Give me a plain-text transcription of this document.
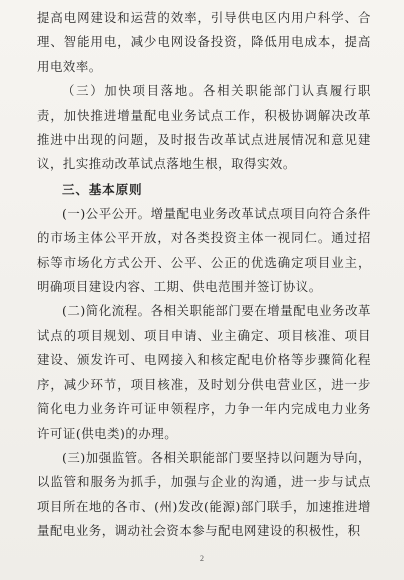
提高电网建设和运营的效率，引导供电区内用户科学、合理、智能用电，减少电网设备投资，降低用电成本，提高用电效率。

（三）加快项目落地。各相关职能部门认真履行职责，加快推进增量配电业务试点工作，积极协调解决改革推进中出现的问题，及时报告改革试点进展情况和意见建议，扎实推动改革试点落地生根，取得实效。

三、基本原则

(一)公平公开。增量配电业务改革试点项目向符合条件的市场主体公平开放，对各类投资主体一视同仁。通过招标等市场化方式公开、公平、公正的优选确定项目业主，明确项目建设内容、工期、供电范围并签订协议。

(二)简化流程。各相关职能部门要在增量配电业务改革试点的项目规划、项目申请、业主确定、项目核准、项目建设、颁发许可、电网接入和核定配电价格等步骤简化程序，减少环节，项目核准，及时划分供电营业区，进一步简化电力业务许可证申领程序，力争一年内完成电力业务许可证(供电类)的办理。

(三)加强监管。各相关职能部门要坚持以问题为导向，以监管和服务为抓手，加强与企业的沟通，进一步与试点项目所在地的各市、(州)发改(能源)部门联手，加速推进增量配电业务，调动社会资本参与配电网建设的积极性，积

2
